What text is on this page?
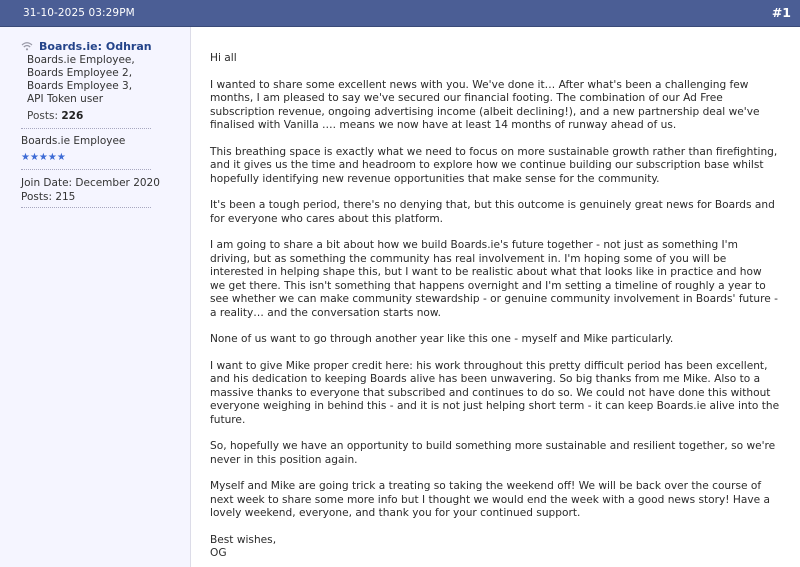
31-10-2025 03:29PM	#1
Boards.ie: Odhran
Boards.ie Employee,
Boards Employee 2,
Boards Employee 3,
API Token user
Posts: 226
Boards.ie Employee
★★★★★
Join Date: December 2020
Posts: 215

Hi all

I wanted to share some excellent news with you. We've done it… After what's been a challenging few months, I am pleased to say we've secured our financial footing. The combination of our Ad Free subscription revenue, ongoing advertising income (albeit declining!), and a new partnership deal we've finalised with Vanilla …. means we now have at least 14 months of runway ahead of us.

This breathing space is exactly what we need to focus on more sustainable growth rather than firefighting, and it gives us the time and headroom to explore how we continue building our subscription base whilst hopefully identifying new revenue opportunities that make sense for the community.

It's been a tough period, there's no denying that, but this outcome is genuinely great news for Boards and for everyone who cares about this platform.

I am going to share a bit about how we build Boards.ie's future together - not just as something I'm driving, but as something the community has real involvement in. I'm hoping some of you will be interested in helping shape this, but I want to be realistic about what that looks like in practice and how we get there. This isn't something that happens overnight and I'm setting a timeline of roughly a year to see whether we can make community stewardship - or genuine community involvement in Boards' future - a reality… and the conversation starts now.

None of us want to go through another year like this one - myself and Mike particularly.

I want to give Mike proper credit here: his work throughout this pretty difficult period has been excellent, and his dedication to keeping Boards alive has been unwavering. So big thanks from me Mike. Also to a massive thanks to everyone that subscribed and continues to do so. We could not have done this without everyone weighing in behind this - and it is not just helping short term - it can keep Boards.ie alive into the future.

So, hopefully we have an opportunity to build something more sustainable and resilient together, so we're never in this position again.

Myself and Mike are going trick a treating so taking the weekend off! We will be back over the course of next week to share some more info but I thought we would end the week with a good news story! Have a lovely weekend, everyone, and thank you for your continued support.

Best wishes,

OG
